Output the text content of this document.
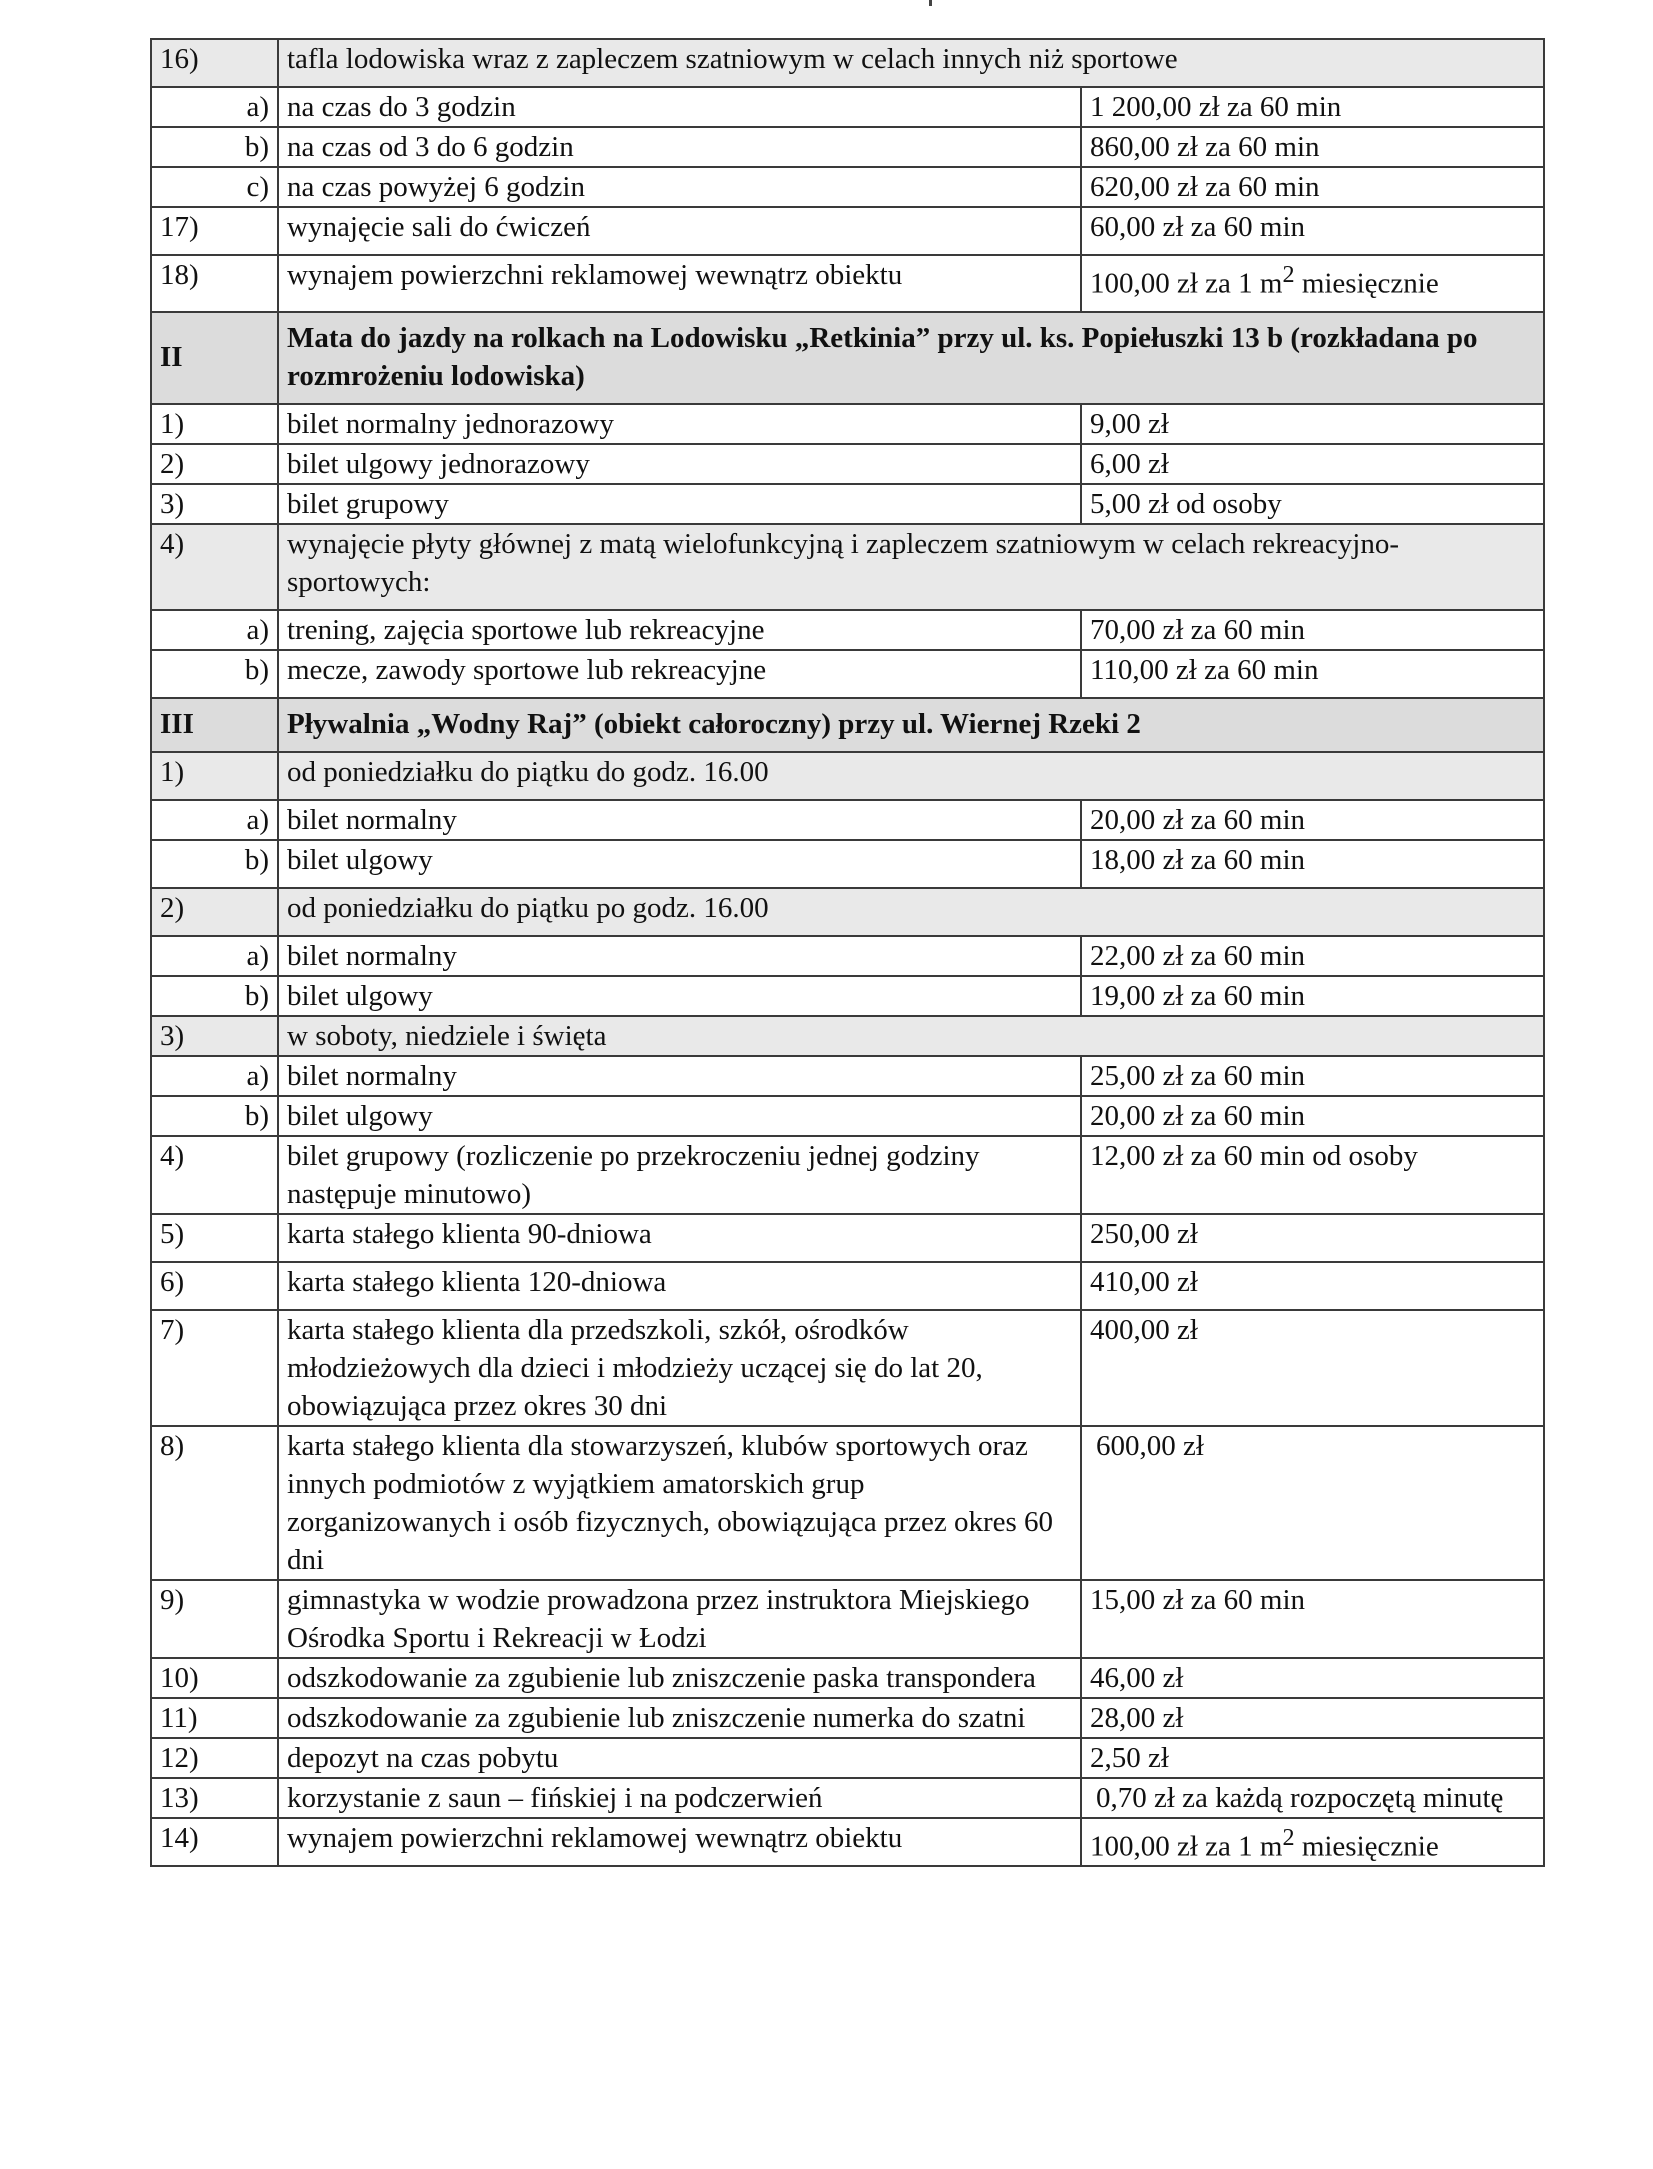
16)	tafla lodowiska wraz z zapleczem szatniowym w celach innych niż sportowe	
a)	na czas do 3 godzin	1 200,00 zł za 60 min
b)	na czas od 3 do 6 godzin	860,00 zł za 60 min
c)	na czas powyżej 6 godzin	620,00 zł za 60 min
17)	wynajęcie sali do ćwiczeń	60,00 zł za 60 min
18)	wynajem powierzchni reklamowej wewnątrz obiektu	100,00 zł za 1 $m^2$ miesięcznie
II	Mata do jazdy na rolkach na Lodowisku „Retkinia” przy ul. ks. Popiełuszki 13 b (rozkładana po rozmrożeniu lodowiska)	
1)	bilet normalny jednorazowy	9,00 zł
2)	bilet ulgowy jednorazowy	6,00 zł
3)	bilet grupowy	5,00 zł od osoby
4)	wynajęcie płyty głównej z matą wielofunkcyjną i zapleczem szatniowym w celach rekreacyjno-sportowych:	
a)	trening, zajęcia sportowe lub rekreacyjne	70,00 zł za 60 min
b)	mecze, zawody sportowe lub rekreacyjne	110,00 zł za 60 min
III	Pływalnia „Wodny Raj” (obiekt całoroczny) przy ul. Wiernej Rzeki 2	
1)	od poniedziałku do piątku do godz. 16.00	
a)	bilet normalny	20,00 zł za 60 min
b)	bilet ulgowy	18,00 zł za 60 min
2)	od poniedziałku do piątku po godz. 16.00	
a)	bilet normalny	22,00 zł za 60 min
b)	bilet ulgowy	19,00 zł za 60 min
3)	w soboty, niedziele i święta	
a)	bilet normalny	25,00 zł za 60 min
b)	bilet ulgowy	20,00 zł za 60 min
4)	bilet grupowy (rozliczenie po przekroczeniu jednej godziny następuje minutowo)	12,00 zł za 60 min od osoby
5)	karta stałego klienta 90-dniowa	250,00 zł
6)	karta stałego klienta 120-dniowa	410,00 zł
7)	karta stałego klienta dla przedszkoli, szkół, ośrodków młodzieżowych dla dzieci i młodzieży uczącej się do lat 20, obowiązująca przez okres 30 dni	400,00 zł
8)	karta stałego klienta dla stowarzyszeń, klubów sportowych oraz innych podmiotów z wyjątkiem amatorskich grup zorganizowanych i osób fizycznych, obowiązująca przez okres 60 dni	600,00 zł
9)	gimnastyka w wodzie prowadzona przez instruktora Miejskiego Ośrodka Sportu i Rekreacji w Łodzi	15,00 zł za 60 min
10)	odszkodowanie za zgubienie lub zniszczenie paska transpondera	46,00 zł
11)	odszkodowanie za zgubienie lub zniszczenie numerka do szatni	28,00 zł
12)	depozyt na czas pobytu	2,50 zł
13)	korzystanie z saun – fińskiej i na podczerwień	0,70 zł za każdą rozpoczętą minutę
14)	wynajem powierzchni reklamowej wewnątrz obiektu	100,00 zł za 1 $m^2$ miesięcznie
